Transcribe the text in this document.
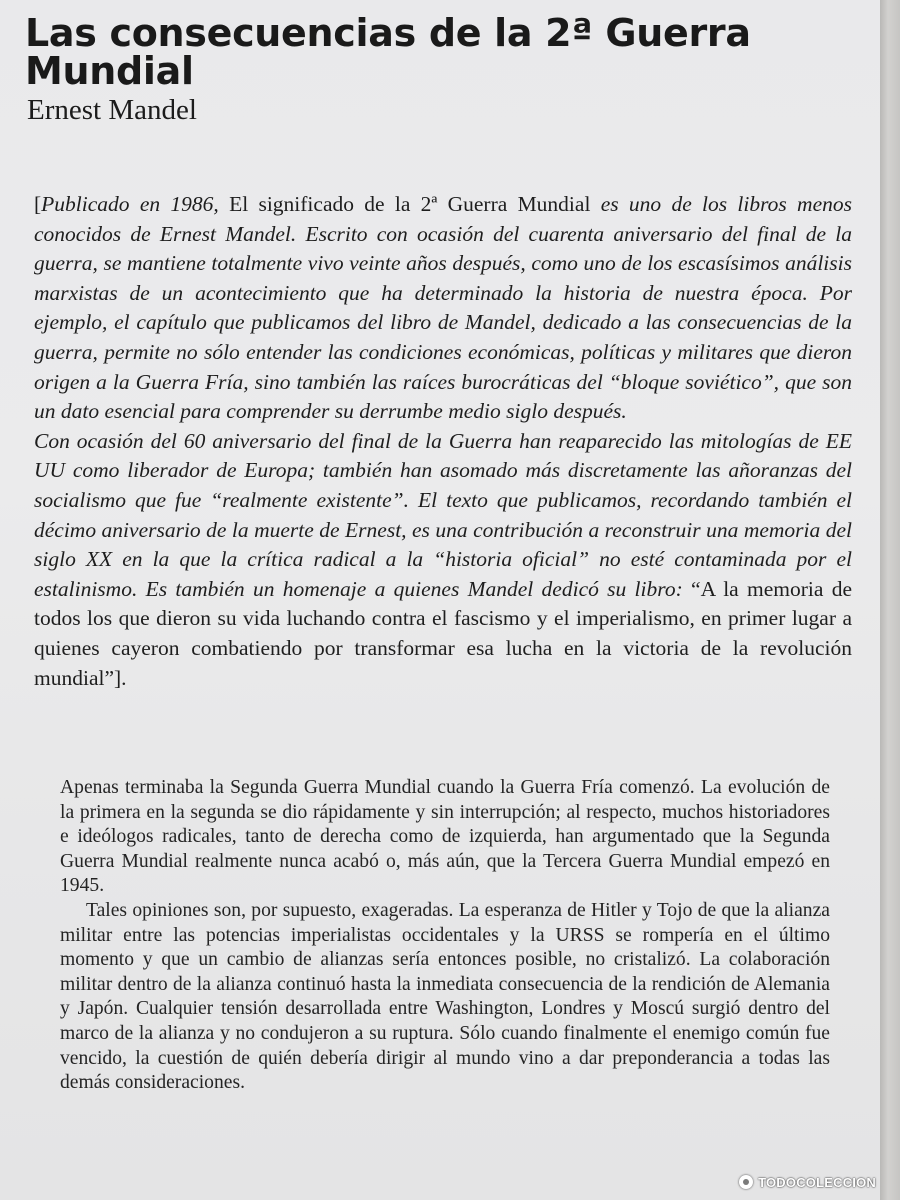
Las consecuencias de la 2ª Guerra Mundial
Ernest Mandel

[Publicado en 1986, El significado de la 2ª Guerra Mundial es uno de los libros menos conocidos de Ernest Mandel. Escrito con ocasión del cuarenta aniversario del final de la guerra, se mantiene totalmente vivo veinte años después, como uno de los escasísimos análisis marxistas de un acontecimiento que ha determinado la historia de nuestra época. Por ejemplo, el capítulo que publicamos del libro de Mandel, dedicado a las consecuencias de la guerra, permite no sólo entender las condiciones económicas, políticas y militares que dieron origen a la Guerra Fría, sino también las raíces burocráticas del “bloque soviético”, que son un dato esencial para comprender su derrumbe medio siglo después.

Con ocasión del 60 aniversario del final de la Guerra han reaparecido las mitologías de EE UU como liberador de Europa; también han asomado más discretamente las añoranzas del socialismo que fue “realmente existente”. El texto que publicamos, recordando también el décimo aniversario de la muerte de Ernest, es una contribución a reconstruir una memoria del siglo XX en la que la crítica radical a la “historia oficial” no esté contaminada por el estalinismo. Es también un homenaje a quienes Mandel dedicó su libro: “A la memoria de todos los que dieron su vida luchando contra el fascismo y el imperialismo, en primer lugar a quienes cayeron combatiendo por transformar esa lucha en la victoria de la revolución mundial”].

Apenas terminaba la Segunda Guerra Mundial cuando la Guerra Fría comenzó. La evolución de la primera en la segunda se dio rápidamente y sin interrupción; al respecto, muchos historiadores e ideólogos radicales, tanto de derecha como de izquierda, han argumentado que la Segunda Guerra Mundial realmente nunca acabó o, más aún, que la Tercera Guerra Mundial empezó en 1945.

Tales opiniones son, por supuesto, exageradas. La esperanza de Hitler y Tojo de que la alianza militar entre las potencias imperialistas occidentales y la URSS se rompería en el último momento y que un cambio de alianzas sería entonces posible, no cristalizó. La colaboración militar dentro de la alianza continuó hasta la inmediata consecuencia de la rendición de Alemania y Japón. Cualquier tensión desarrollada entre Washington, Londres y Moscú surgió dentro del marco de la alianza y no condujeron a su ruptura. Sólo cuando finalmente el enemigo común fue vencido, la cuestión de quién debería dirigir al mundo vino a dar preponderancia a todas las demás consideraciones.

TODOCOLECCION
